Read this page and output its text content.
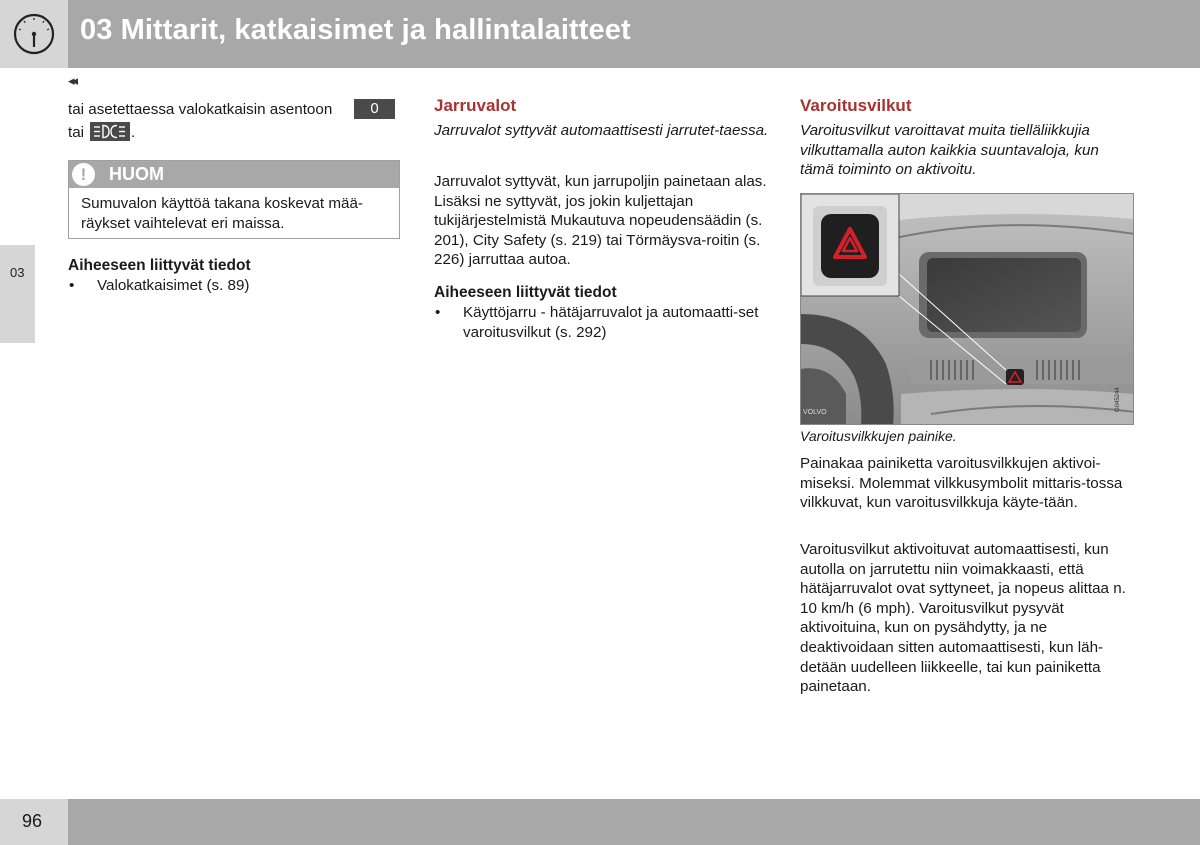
03 Mittarit, katkaisimet ja hallintalaitteet
◂◂
03
tai asetettaessa valokatkaisin asentoon	0
tai	.
!	HUOM
Sumuvalon käyttöä takana koskevat mää-räykset vaihtelevat eri maissa.
Aiheeseen liittyvät tiedot
• Valokatkaisimet (s. 89)
Jarruvalot
Jarruvalot syttyvät automaattisesti jarrutet-taessa.
Jarruvalot syttyvät, kun jarrupoljin painetaan alas. Lisäksi ne syttyvät, jos jokin kuljettajan tukijärjestelmistä Mukautuva nopeudensäädin (s. 201), City Safety (s. 219) tai Törmäysva-roitin (s. 226) jarruttaa autoa.
Aiheeseen liittyvät tiedot
• Käyttöjarru - hätäjarruvalot ja automaatti-set varoitusvilkut (s. 292)
Varoitusvilkut
Varoitusvilkut varoittavat muita tielläliikkujia vilkuttamalla auton kaikkia suuntavaloja, kun tämä toiminto on aktivoitu.
VOLVO
G045244
Varoitusvilkkujen painike.
Painakaa painiketta varoitusvilkkujen aktivoi-miseksi. Molemmat vilkkusymbolit mittaris-tossa vilkkuvat, kun varoitusvilkkuja käyte-tään.
Varoitusvilkut aktivoituvat automaattisesti, kun autolla on jarrutettu niin voimakkaasti, että hätäjarruvalot ovat syttyneet, ja nopeus alittaa n. 10 km/h (6 mph). Varoitusvilkut pysyvät aktivoituina, kun on pysähdytty, ja ne deaktivoidaan sitten automaattisesti, kun läh-detään uudelleen liikkeelle, tai kun painiketta painetaan.
96
